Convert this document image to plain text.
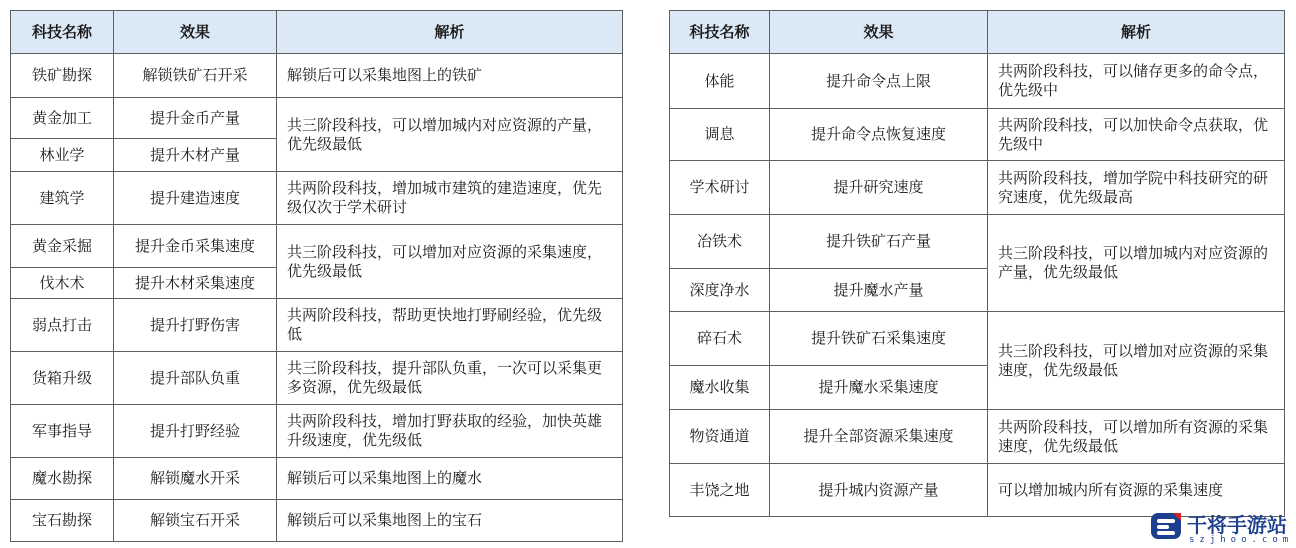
科技名称	效果	解析
铁矿勘探	解锁铁矿石开采	解锁后可以采集地图上的铁矿
黄金加工	提升金币产量	共三阶段科技，可以增加城内对应资源的产量，优先级最低
林业学	提升木材产量	
建筑学	提升建造速度	共两阶段科技，增加城市建筑的建造速度，优先级仅次于学术研讨
黄金采掘	提升金币采集速度	共三阶段科技，可以增加对应资源的采集速度，优先级最低
伐木术	提升木材采集速度	
弱点打击	提升打野伤害	共两阶段科技，帮助更快地打野刷经验，优先级低
货箱升级	提升部队负重	共三阶段科技，提升部队负重，一次可以采集更多资源，优先级最低
军事指导	提升打野经验	共两阶段科技，增加打野获取的经验，加快英雄升级速度，优先级低
魔水勘探	解锁魔水开采	解锁后可以采集地图上的魔水
宝石勘探	解锁宝石开采	解锁后可以采集地图上的宝石
科技名称	效果	解析
体能	提升命令点上限	共两阶段科技，可以储存更多的命令点，优先级中
调息	提升命令点恢复速度	共两阶段科技，可以加快命令点获取，优先级中
学术研讨	提升研究速度	共两阶段科技，增加学院中科技研究的研究速度，优先级最高
冶铁术	提升铁矿石产量	共三阶段科技，可以增加城内对应资源的产量，优先级最低
深度净水	提升魔水产量	
碎石术	提升铁矿石采集速度	共三阶段科技，可以增加对应资源的采集速度，优先级最低
魔水收集	提升魔水采集速度	
物资通道	提升全部资源采集速度	共两阶段科技，可以增加所有资源的采集速度，优先级最低
丰饶之地	提升城内资源产量	可以增加城内所有资源的采集速度
干将手游站
szjhoo.com
